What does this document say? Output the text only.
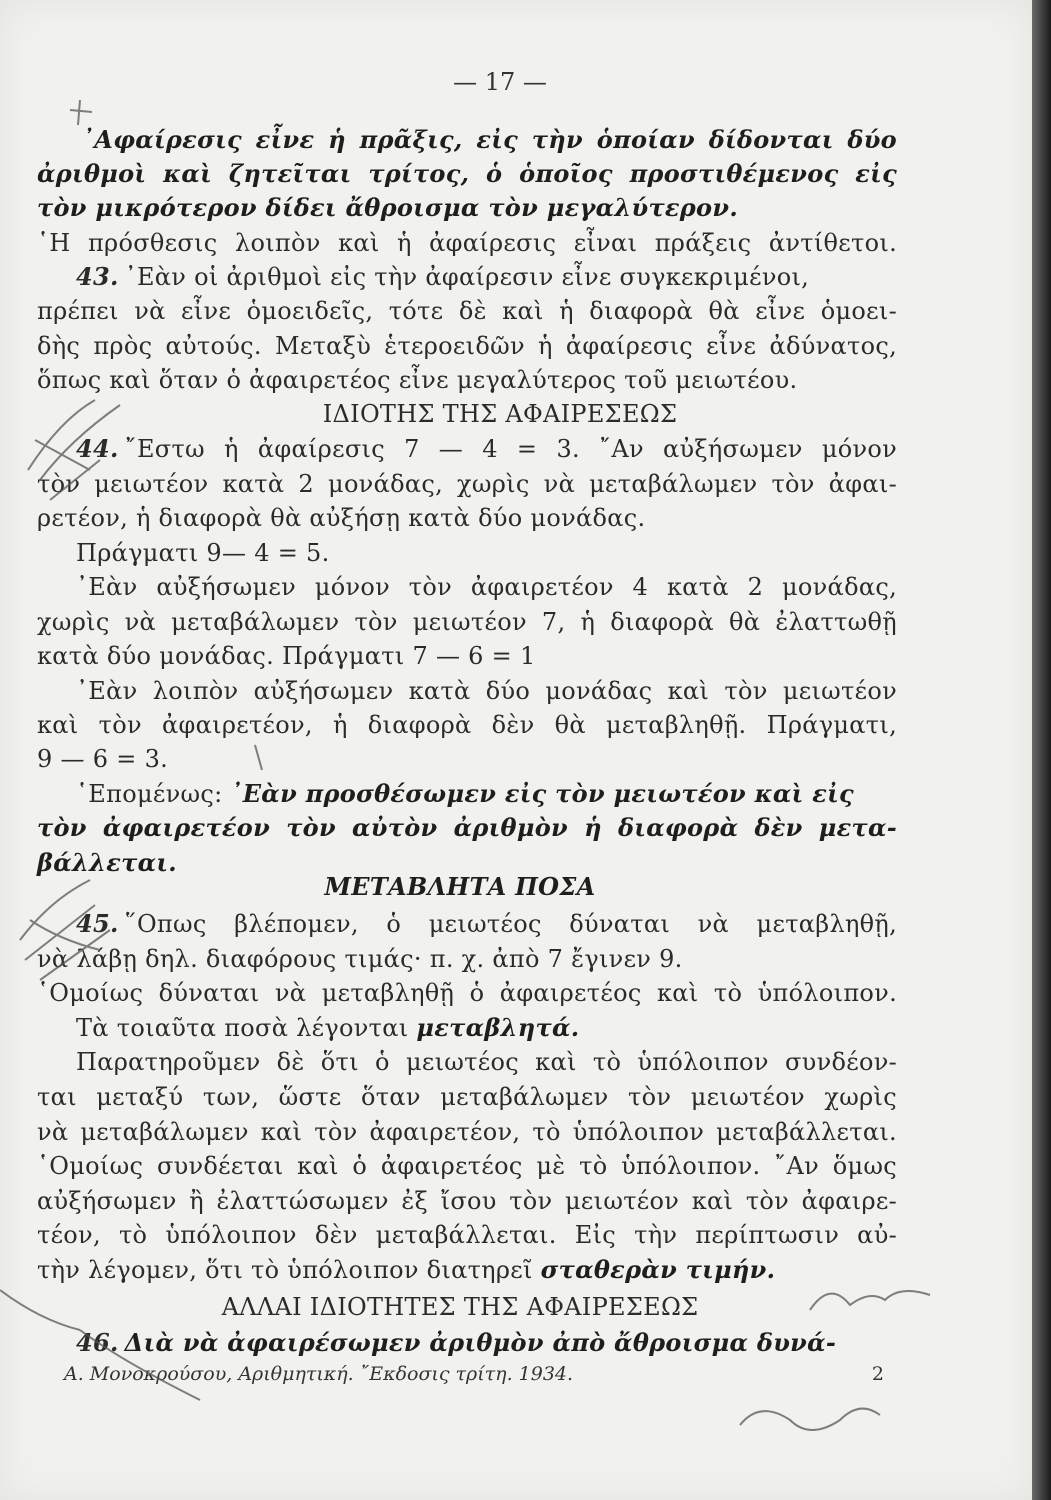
— 17 —
᾿Αφαίρεσις εἶνε ἡ πρᾶξις, εἰς τὴν ὁποίαν δίδονται δύο
ἀριθμοὶ καὶ ζητεῖται τρίτος, ὁ ὁποῖος προστιθέμενος εἰς
τὸν μικρότερον δίδει ἄθροισμα τὸν μεγαλύτερον.
῾Η πρόσθεσις λοιπὸν καὶ ἡ ἀφαίρεσις εἶναι πράξεις ἀντίθετοι.
43. ᾿Εὰν οἱ ἀριθμοὶ εἰς τὴν ἀφαίρεσιν εἶνε συγκεκριμένοι,
πρέπει νὰ εἶνε ὁμοειδεῖς, τότε δὲ καὶ ἡ διαφορὰ θὰ εἶνε ὁμοει-
δὴς πρὸς αὐτούς. Μεταξὺ ἑτεροειδῶν ἡ ἀφαίρεσις εἶνε ἀδύνατος,
ὅπως καὶ ὅταν ὁ ἀφαιρετέος εἶνε μεγαλύτερος τοῦ μειωτέου.
ΙΔΙΟΤΗΣ ΤΗΣ ΑΦΑΙΡΕΣΕΩΣ
44. ῎Εστω ἡ ἀφαίρεσις 7 — 4 = 3. ῎Αν αὐξήσωμεν μόνον
τὸν μειωτέον κατὰ 2 μονάδας, χωρὶς νὰ μεταβάλωμεν τὸν ἀφαι-
ρετέον, ἡ διαφορὰ θὰ αὐξήσῃ κατὰ δύο μονάδας.
Πράγματι 9— 4 = 5.
᾿Εὰν αὐξήσωμεν μόνον τὸν ἀφαιρετέον 4 κατὰ 2 μονάδας,
χωρὶς νὰ μεταβάλωμεν τὸν μειωτέον 7, ἡ διαφορὰ θὰ ἐλαττωθῇ
κατὰ δύο μονάδας. Πράγματι 7 — 6 = 1
᾿Εὰν λοιπὸν αὐξήσωμεν κατὰ δύο μονάδας καὶ τὸν μειωτέον
καὶ τὸν ἀφαιρετέον, ἡ διαφορὰ δὲν θὰ μεταβληθῇ. Πράγματι,
9 — 6 = 3.
῾Επομένως: ᾿Εὰν προσθέσωμεν εἰς τὸν μειωτέον καὶ εἰς
τὸν ἀφαιρετέον τὸν αὐτὸν ἀριθμὸν ἡ διαφορὰ δὲν μετα-
βάλλεται.
ΜΕΤΑΒΛΗΤΑ ΠΟΣΑ
45. ῞Οπως βλέπομεν, ὁ μειωτέος δύναται νὰ μεταβληθῇ,
νὰ λάβῃ δηλ. διαφόρους τιμάς· π. χ. ἀπὸ 7 ἔγινεν 9.
῾Ομοίως δύναται νὰ μεταβληθῇ ὁ ἀφαιρετέος καὶ τὸ ὑπόλοιπον.
Τὰ τοιαῦτα ποσὰ λέγονται μεταβλητά.
Παρατηροῦμεν δὲ ὅτι ὁ μειωτέος καὶ τὸ ὑπόλοιπον συνδέον-
ται μεταξύ των, ὥστε ὅταν μεταβάλωμεν τὸν μειωτέον χωρὶς
νὰ μεταβάλωμεν καὶ τὸν ἀφαιρετέον, τὸ ὑπόλοιπον μεταβάλλεται.
῾Ομοίως συνδέεται καὶ ὁ ἀφαιρετέος μὲ τὸ ὑπόλοιπον. ῎Αν ὅμως
αὐξήσωμεν ἢ ἐλαττώσωμεν ἐξ ἴσου τὸν μειωτέον καὶ τὸν ἀφαιρε-
τέον, τὸ ὑπόλοιπον δὲν μεταβάλλεται. Εἰς τὴν περίπτωσιν αὐ-
τὴν λέγομεν, ὅτι τὸ ὑπόλοιπον διατηρεῖ σταθερὰν τιμήν.
ΑΛΛΑΙ ΙΔΙΟΤΗΤΕΣ ΤΗΣ ΑΦΑΙΡΕΣΕΩΣ
46. Διὰ νὰ ἀφαιρέσωμεν ἀριθμὸν ἀπὸ ἄθροισμα δυνά-
Α. Μονοκρούσου, Αριθμητική. ῎Εκδοσις τρίτη. 1934.	2
